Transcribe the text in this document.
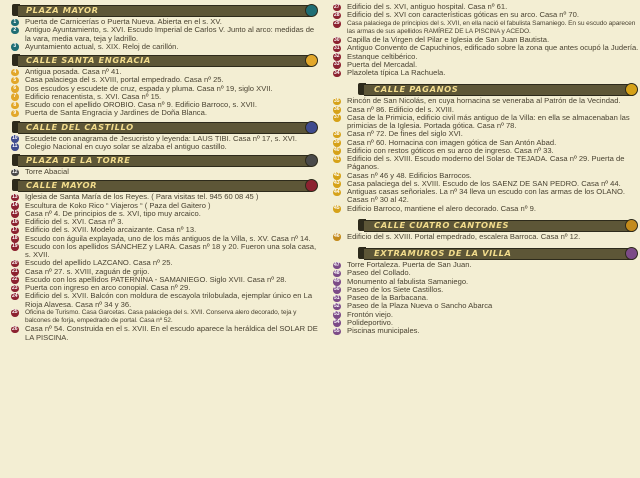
PLAZA MAYOR
1	Puerta de Carnicerías o Puerta Nueva. Abierta en el s. XV.
2	Antiguo Ayuntamiento, s. XVI. Escudo Imperial de Carlos V. Junto al arco: medidas de la vara, media vara, teja y ladrillo.
3	Ayuntamiento actual, s. XIX. Reloj de carillón.
CALLE SANTA ENGRACIA
4	Antigua posada. Casa nº 41.
5	Casa palaciega del s. XVIII, portal empedrado. Casa nº 25.
6	Dos escudos y escudete de cruz, espada y pluma. Casa nº 19, siglo XVII.
7	Edificio renacentista, s. XVI. Casa nº 15.
8	Escudo con el apellido OROBIO. Casa nº 9. Edificio Barroco, s. XVII.
9	Puerta de Santa Engracia y Jardines de Doña Blanca.
CALLE DEL CASTILLO
10 Escudete con anagrama de Jesucristo y leyenda: LAUS TIBI. Casa nº 17, s. XVI.
11 Colegio Nacional en cuyo solar se alzaba el antiguo castillo.
PLAZA DE LA TORRE
12 Torre Abacial
CALLE MAYOR
13 Iglesia de Santa María de los Reyes. ( Para visitas tel. 945 60 08 45 )
14 Escultura de Koko Rico “ Viajeros “ ( Paza del Gaitero )
15 Casa nº 4. De principios de s. XVI, tipo muy arcaico.
16 Edificio del s. XVI. Casa nº 3.
17 Edificio del s. XVII. Modelo arcaizante. Casa nº 13.
18 Escudo con águila explayada, uno de los más antiguos de la Villa, s. XV. Casa nº 14.
19 Escudo con los apellidos SÁNCHEZ y LARA. Casas nº 18 y 20. Fueron una sola casa, s. XVII.
20 Escudo del apellido LAZCANO. Casa nº 25.
21 Casa nº 27. s. XVIII, zaguán de grijo.
22 Escudo con los apellidos PATERNINA - SAMANIEGO. Siglo XVII. Casa nº 28.
23 Puerta con ingreso en arco conopial. Casa nº 29.
24 Edificio del s. XVII. Balcón con moldura de escayola trilobulada, ejemplar único en La Rioja Alavesa. Casa nº 34 y 36.
25 Oficina de Turismo. Casa Garcetas. Casa palaciega del s. XVII. Conserva alero decorado, teja y balcones de forja, empedrado de portal. Casa nº 52.
26 Casa nº 54. Construida en el s. XVII. En el escudo aparece la heráldica del SOLAR DE LA PISCINA.
27 Edificio del s. XVI, antiguo hospital. Casa nº 61.
28 Edificio del s. XVI con características góticas en su arco. Casa nº 70.
29 Casa palaciega de principios del s. XVII, en ella nació el fabulista Samaniego. En su escudo aparecen las armas de sus apellidos RAMÍREZ DE LA PISCINA y ACEDO.
30 Capilla de la Virgen del Pilar e Iglesia de San Juan Bautista.
31 Antiguo Convento de Capuchinos, edificado sobre la zona que antes ocupó la Judería.
32 Estanque celtibérico.
33 Puerta del Mercadal.
34 Plazoleta típica La Rachuela.
CALLE PAGANOS
35 Rincón de San Nicolás, en cuya hornacina se veneraba al Patrón de la Vecindad.
36 Casa nº 86. Edificio del s. XVIII.
37 Casa de la Primicia, edificio civil más antiguo de la Villa: en ella se almacenaban las primicias de la Iglesia. Portada gótica. Casa nº 78.
38 Casa nº 72. De fines del siglo XVI.
39 Casa nº 60. Hornacina con imagen gótica de San Antón Abad.
40 Edificio con restos góticos en su arco de ingreso. Casa nº 33.
41 Edificio del s. XVIII. Escudo moderno del Solar de TEJADA. Casa nº 29. Puerta de Páganos.
42 Casas nº 46 y 48. Edificios Barrocos.
43 Casa palaciega del s. XVIII. Escudo de los SAENZ DE SAN PEDRO. Casa nº 44.
44 Antiguas casas señoriales. La nº 34 lleva un escudo con las armas de los OLANO. Casas nº 30 al 42.
45 Edificio Barroco, mantiene el alero decorado. Casa nº 9.
CALLE CUATRO CANTONES
46 Edificio del s. XVIII. Portal empedrado, escalera Barroca. Casa nº 12.
EXTRAMUROS DE LA VILLA
47 Torre Fortaleza. Puerta de San Juan.
48 Paseo del Collado.
49 Monumento al fabulista Samaniego.
50 Paseo de los Siete Castillos.
51 Paseo de la Barbacana.
52 Paseo de la Plaza Nueva o Sancho Abarca
53 Frontón viejo.
54 Polideportivo.
55 Piscinas municipales.
